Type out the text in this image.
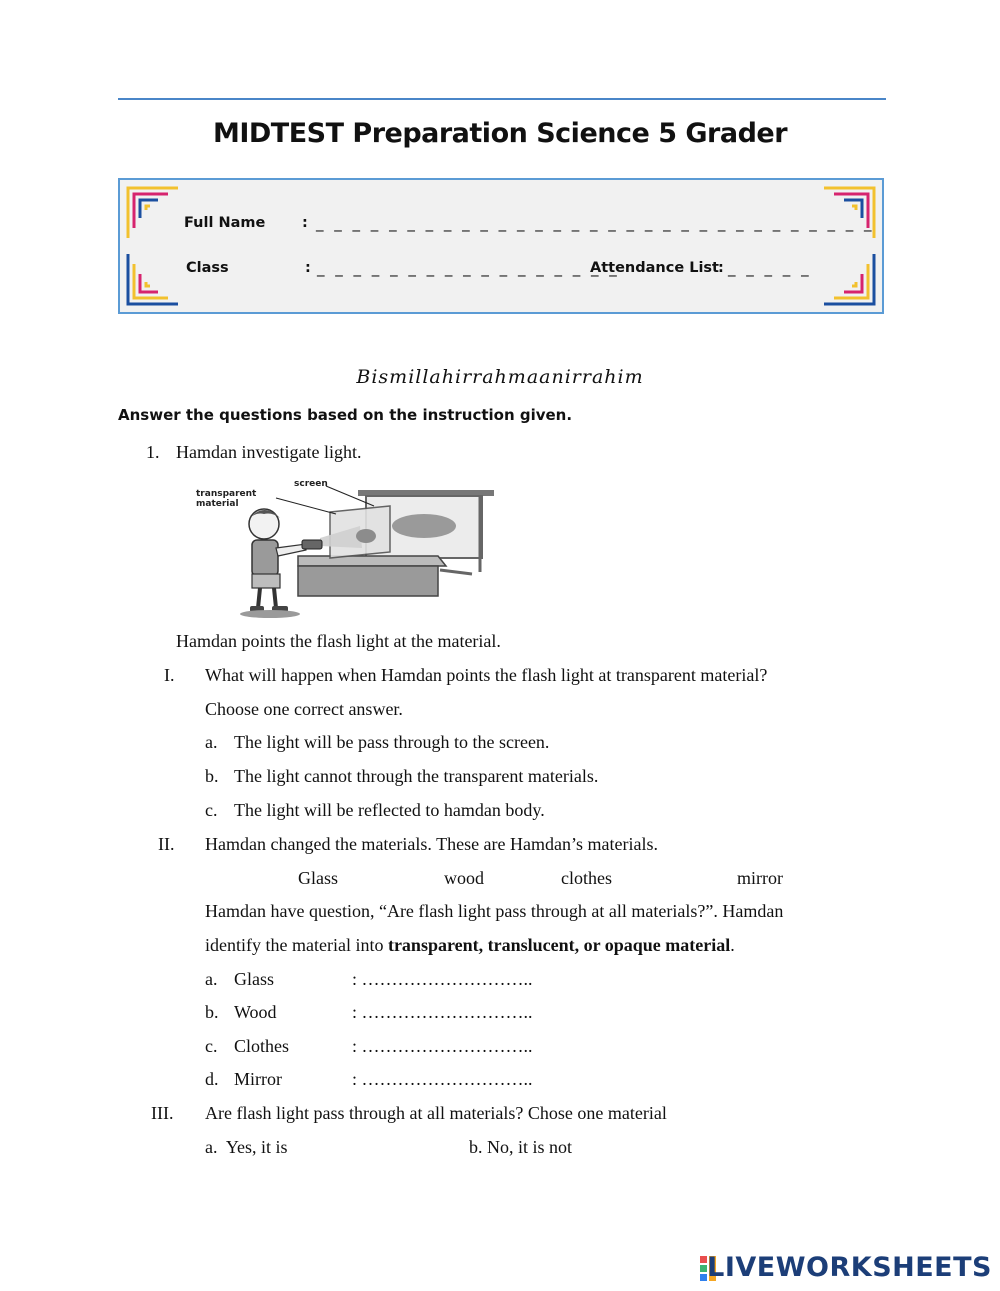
MIDTEST Preparation Science 5 Grader
Full Name	: _ _ _ _ _ _ _ _ _ _ _ _ _ _ _ _ _ _ _ _ _ _ _ _ _ _ _ _ _ _ _
Class	: _ _ _ _ _ _ _ _ _ _ _ _ _ _ _ _ _
Attendance List : _ _ _ _ _
Bismillahirrahmaanirrahim
Answer the questions based on the instruction given.
1. Hamdan investigate light.
screen
transparent
material
Hamdan points the flash light at the material.
I. What will happen when Hamdan points the flash light at transparent material?
Choose one correct answer.
a. The light will be pass through to the screen.
b. The light cannot through the transparent materials.
c. The light will be reflected to hamdan body.
II. Hamdan changed the materials. These are Hamdan’s materials.
Glass	wood	clothes	mirror
Hamdan have question, “Are flash light pass through at all materials?”. Hamdan
identify the material into transparent, translucent, or opaque material.
a. Glass	: ………………………..
b. Wood	: ………………………..
c. Clothes	: ………………………..
d. Mirror	: ………………………..
III. Are flash light pass through at all materials? Chose one material
a.  Yes, it is	b. No, it is not
LIVEWORKSHEETS
